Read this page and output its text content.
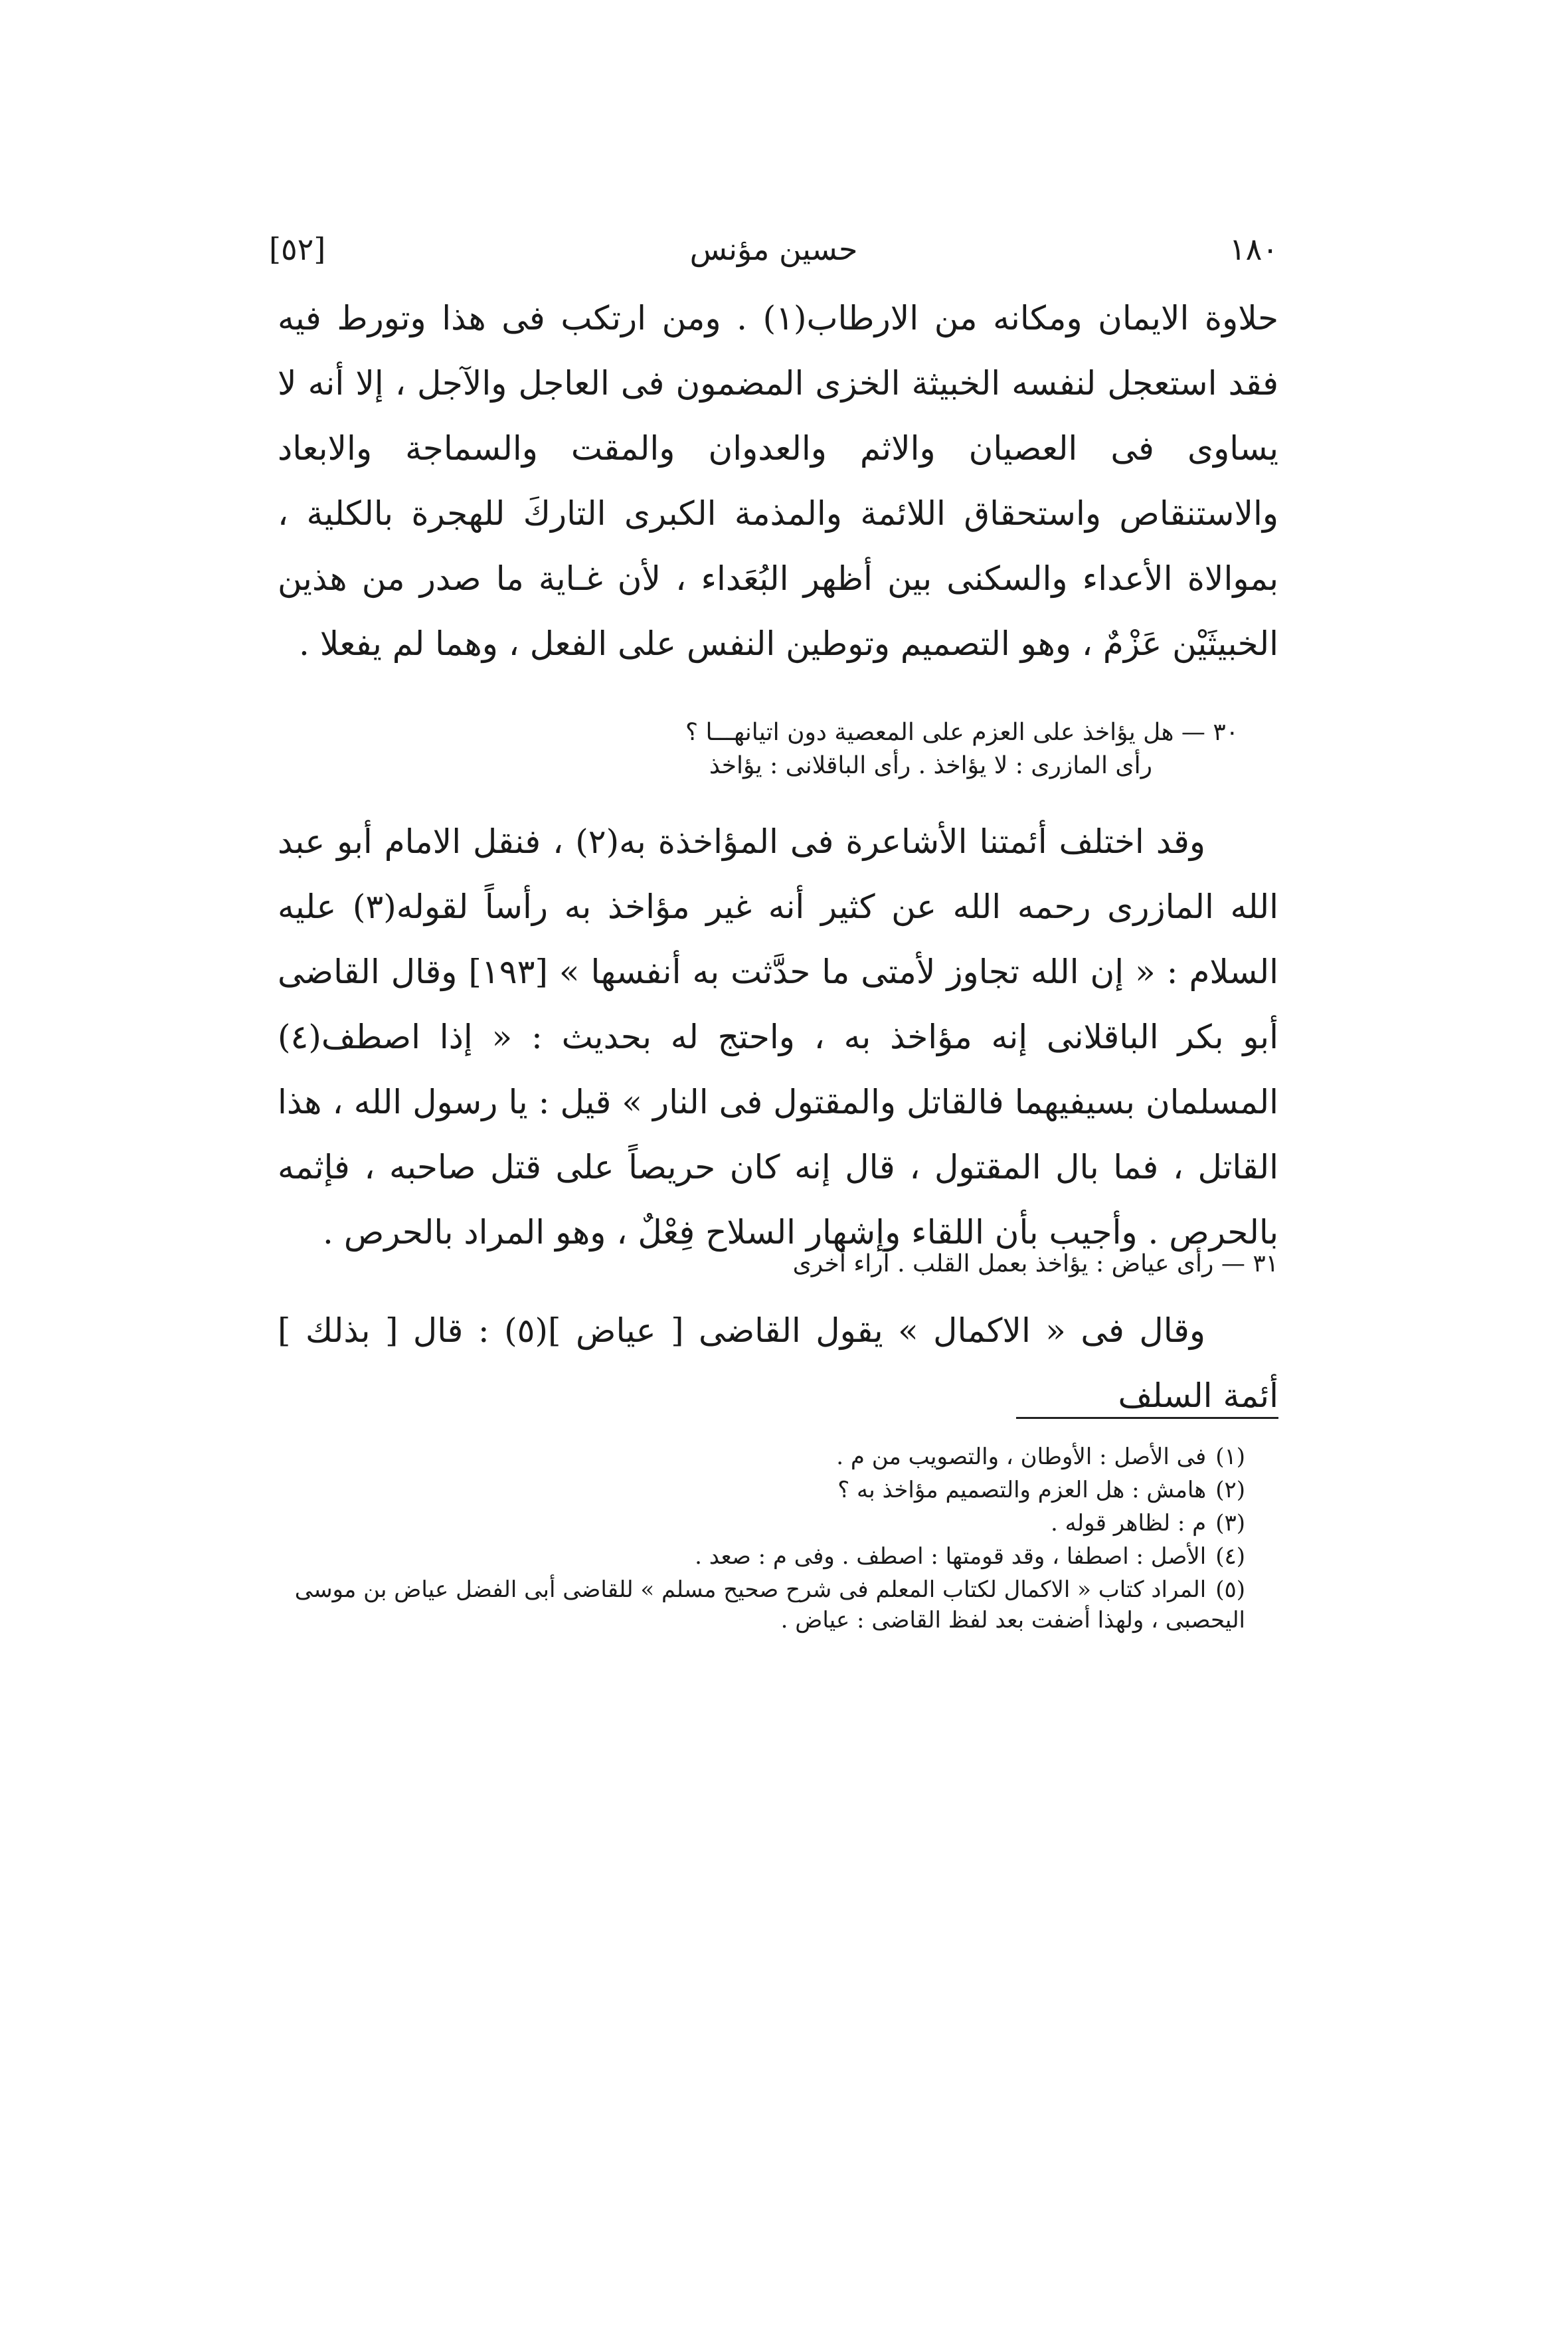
١٨٠
حسين مؤنس
[٥٢]

حلاوة الايمان ومكانه من الارطاب(١) . ومن ارتكب فى هذا وتورط فيه فقد استعجل لنفسه الخبيثة الخزى المضمون فى العاجل والآجل ، إلا أنه لا يساوى فى العصيان والاثم والعدوان والمقت والسماجة والابعاد والاستنقاص واستحقاق اللائمة والمذمة الكبرى التاركَ للهجرة بالكلية ، بموالاة الأعداء والسكنى بين أظهر البُعَداء ، لأن غـاية ما صدر من هذين الخبيثَيْن عَزْمٌ ، وهو التصميم وتوطين النفس على الفعل ، وهما لم يفعلا .

٣٠ — هل يؤاخذ على العزم على المعصية دون اتيانهـــا ؟
رأى المازرى : لا يؤاخذ . رأى الباقلانى : يؤاخذ

وقد اختلف أئمتنا الأشاعرة فى المؤاخذة به(٢) ، فنقل الامام أبو عبد الله المازرى رحمه الله عن كثير أنه غير مؤاخذ به رأساً لقوله(٣) عليه السلام : « إن الله تجاوز لأمتى ما حدَّثت به أنفسها » [١٩٣] وقال القاضى أبو بكر الباقلانى إنه مؤاخذ به ، واحتج له بحديث : « إذا اصطف(٤) المسلمان بسيفيهما فالقاتل والمقتول فى النار » قيل : يا رسول الله ، هذا القاتل ، فما بال المقتول ، قال إنه كان حريصاً على قتل صاحبه ، فإثمه بالحرص . وأجيب بأن اللقاء وإشهار السلاح فِعْلٌ ، وهو المراد بالحرص .

٣١ — رأى عياض : يؤاخذ بعمل القلب . آراء أخرى

وقال فى « الاكمال » يقول القاضى [ عياض ](٥) : قال [ بذلك ] أئمة السلف

(١)فى الأصل : الأوطان ، والتصويب من م .

(٢)هامش : هل العزم والتصميم مؤاخذ به ؟

(٣)م : لظاهر قوله .

(٤)الأصل : اصطفا ، وقد قومتها : اصطف . وفى م : صعد .

(٥)المراد كتاب « الاكمال لكتاب المعلم فى شرح صحيح مسلم » للقاضى أبى الفضل عياض بن موسى اليحصبى ، ولهذا أضفت بعد لفظ القاضى : عياض .
